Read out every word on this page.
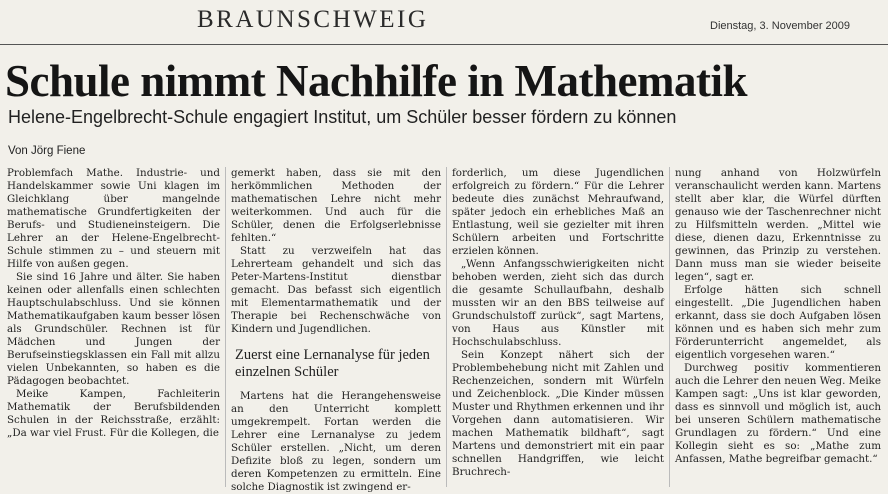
BRAUNSCHWEIG	Dienstag, 3. November 2009
Schule nimmt Nachhilfe in Mathematik
Helene-Engelbrecht-Schule engagiert Institut, um Schüler besser fördern zu können
Von Jörg Fiene

Problemfach Mathe. Industrie- und Handelskammer sowie Uni klagen im Gleichklang über mangelnde mathematische Grundfertigkeiten der Berufs- und Studieneinsteigern. Die Lehrer an der Helene-Engelbrecht-Schule stimmen zu – und steuern mit Hilfe von außen gegen.

Sie sind 16 Jahre und älter. Sie haben keinen oder allenfalls einen schlechten Hauptschulabschluss. Und sie können Mathematikaufgaben kaum besser lösen als Grundschüler. Rechnen ist für Mädchen und Jungen der Berufseinstiegsklassen ein Fall mit allzu vielen Unbekannten, so haben es die Pädagogen beobachtet.

Meike Kampen, Fachleiterin Mathematik der Berufsbildenden Schulen in der Reichsstraße, erzählt: „Da war viel Frust. Für die Kollegen, die

gemerkt haben, dass sie mit den herkömmlichen Methoden der mathematischen Lehre nicht mehr weiterkommen. Und auch für die Schüler, denen die Erfolgserlebnisse fehlten.“

Statt zu verzweifeln hat das Lehrerteam gehandelt und sich das Peter-Martens-Institut dienstbar gemacht. Das befasst sich eigentlich mit Elementarmathematik und der Therapie bei Rechenschwäche von Kindern und Jugendlichen.

Zuerst eine Lernanalyse für jeden einzelnen Schüler

Martens hat die Herangehensweise an den Unterricht komplett umgekrempelt. Fortan werden die Lehrer eine Lernanalyse zu jedem Schüler erstellen. „Nicht, um deren Defizite bloß zu legen, sondern um deren Kompetenzen zu ermitteln. Eine solche Diagnostik ist zwingend er-

forderlich, um diese Jugendlichen erfolgreich zu fördern.“ Für die Lehrer bedeute dies zunächst Mehraufwand, später jedoch ein erhebliches Maß an Entlastung, weil sie gezielter mit ihren Schülern arbeiten und Fortschritte erzielen können.

„Wenn Anfangsschwierigkeiten nicht behoben werden, zieht sich das durch die gesamte Schullaufbahn, deshalb mussten wir an den BBS teilweise auf Grundschulstoff zurück“, sagt Martens, von Haus aus Künstler mit Hochschulabschluss.

Sein Konzept nähert sich der Problembehebung nicht mit Zahlen und Rechenzeichen, sondern mit Würfeln und Zeichenblock. „Die Kinder müssen Muster und Rhythmen erkennen und ihr Vorgehen dann automatisieren. Wir machen Mathematik bildhaft“, sagt Martens und demonstriert mit ein paar schnellen Handgriffen, wie leicht Bruchrech-

nung anhand von Holzwürfeln veranschaulicht werden kann. Martens stellt aber klar, die Würfel dürften genauso wie der Taschenrechner nicht zu Hilfsmitteln werden. „Mittel wie diese, dienen dazu, Erkenntnisse zu gewinnen, das Prinzip zu verstehen. Dann muss man sie wieder beiseite legen“, sagt er.

Erfolge hätten sich schnell eingestellt. „Die Jugendlichen haben erkannt, dass sie doch Aufgaben lösen können und es haben sich mehr zum Förderunterricht angemeldet, als eigentlich vorgesehen waren.“

Durchweg positiv kommentieren auch die Lehrer den neuen Weg. Meike Kampen sagt: „Uns ist klar geworden, dass es sinnvoll und möglich ist, auch bei unseren Schülern mathematische Grundlagen zu fördern.“ Und eine Kollegin sieht es so: „Mathe zum Anfassen, Mathe begreifbar gemacht.“
